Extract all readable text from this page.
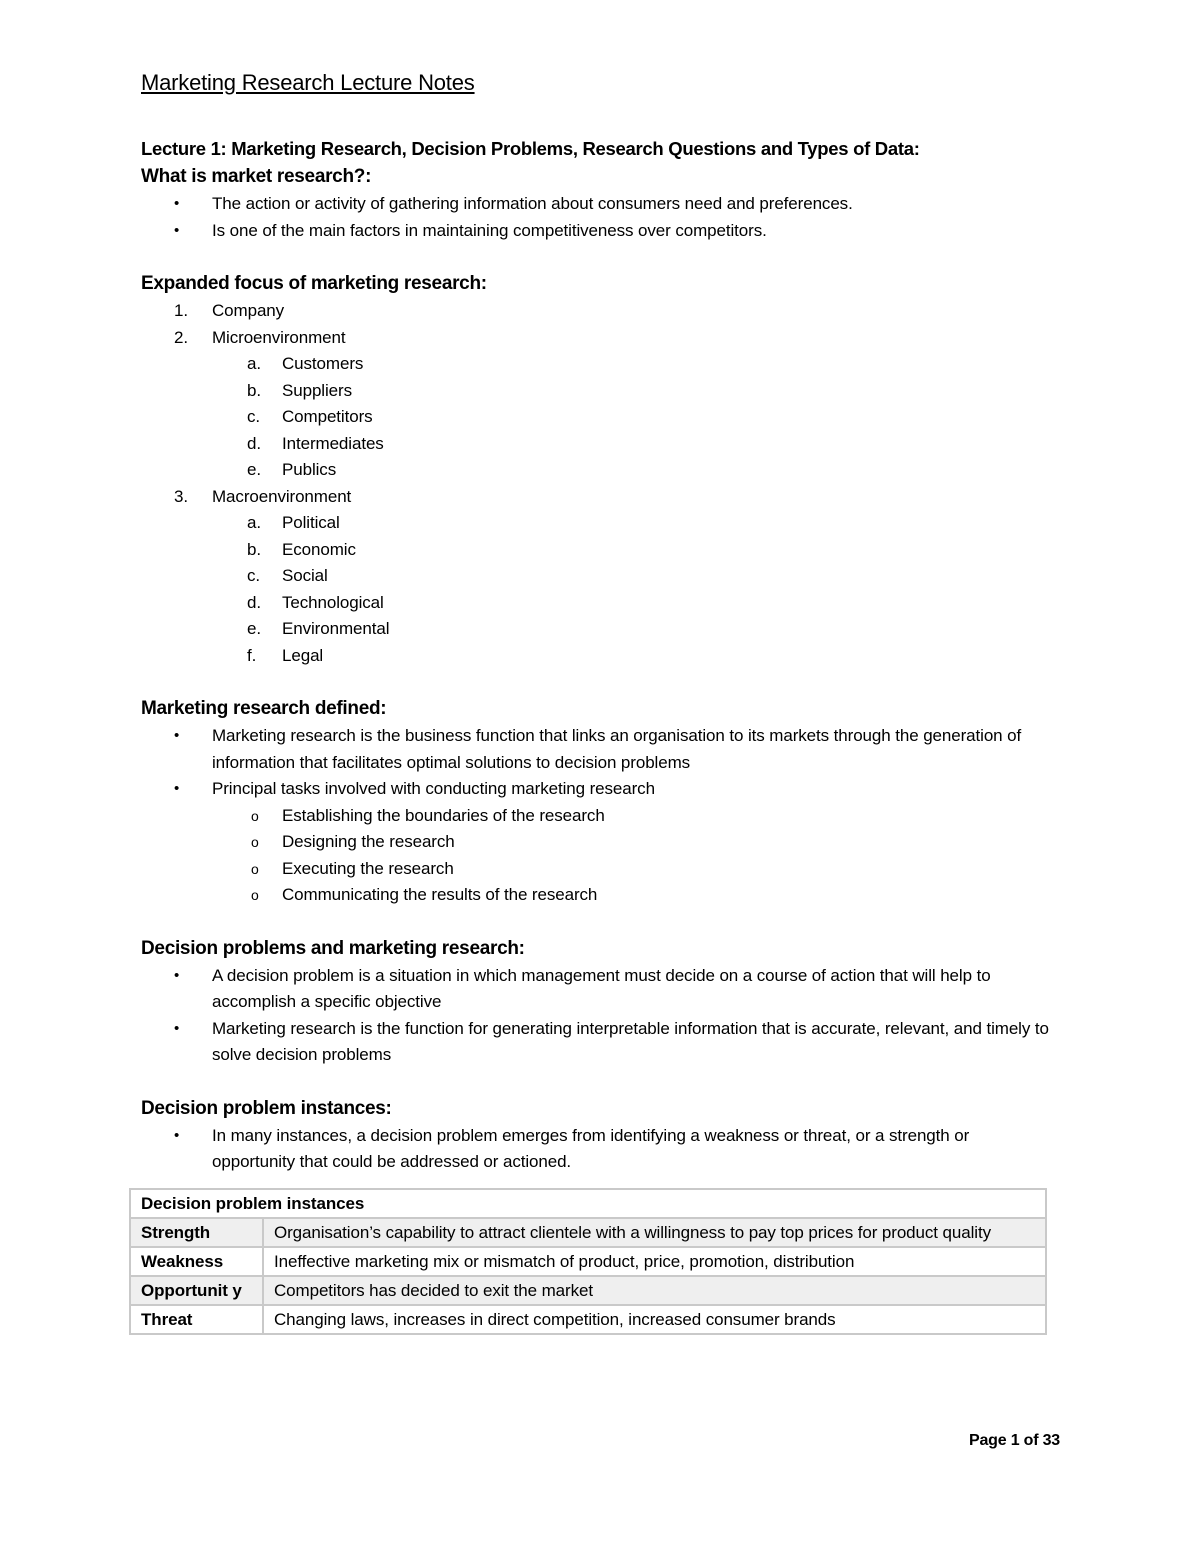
Marketing Research Lecture Notes

Lecture 1: Marketing Research, Decision Problems, Research Questions and Types of Data:

What is market research?:

•	The action or activity of gathering information about consumers need and preferences.
•	Is one of the main factors in maintaining competitiveness over competitors.

Expanded focus of marketing research:

1.	Company
2.	Microenvironment
a.	Customers
b.	Suppliers
c.	Competitors
d.	Intermediates
e.	Publics
3.	Macroenvironment
a.	Political
b.	Economic
c.	Social
d.	Technological
e.	Environmental
f.	Legal

Marketing research defined:

•	Marketing research is the business function that links an organisation to its markets through the generation of information that facilitates optimal solutions to decision problems
•	Principal tasks involved with conducting marketing research
o	Establishing the boundaries of the research
o	Designing the research
o	Executing the research
o	Communicating the results of the research

Decision problems and marketing research:

•	A decision problem is a situation in which management must decide on a course of action that will help to accomplish a specific objective
•	Marketing research is the function for generating interpretable information that is accurate, relevant, and timely to solve decision problems

Decision problem instances:

•	In many instances, a decision problem emerges from identifying a weakness or threat, or a strength or opportunity that could be addressed or actioned.
Decision problem instances	
Strength	Organisation’s capability to attract clientele with a willingness to pay top prices for product quality
Weakness	Ineffective marketing mix or mismatch of product, price, promotion, distribution
Opportunit y	Competitors has decided to exit the market
Threat	Changing laws, increases in direct competition, increased consumer brands
Page 1 of 33
